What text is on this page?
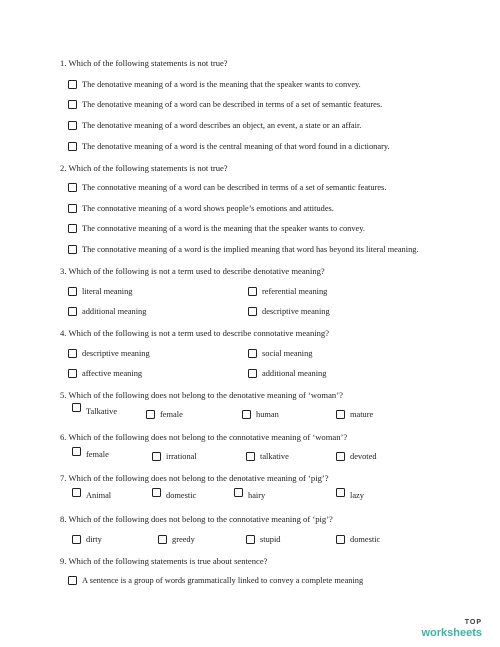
1. Which of the following statements is not true?
The denotative meaning of a word is the meaning that the speaker wants to convey.
The denotative meaning of a word can be described in terms of a set of semantic features.
The denotative meaning of a word describes an object, an event, a state or an affair.
The denotative meaning of a word is the central meaning of that word found in a dictionary.
2. Which of the following statements is not true?
The connotative meaning of a word can be described in terms of a set of semantic features.
The connotative meaning of a word shows people’s emotions and attitudes.
The connotative meaning of a word is the meaning that the speaker wants to convey.
The connotative meaning of a word is the implied meaning that word has beyond its literal meaning.
3. Which of the following is not a term used to describe denotative meaning?
literal meaning	referential meaning
additional meaning	descriptive meaning
4. Which of the following is not a term used to describe connotative meaning?
descriptive meaning	social meaning
affective meaning	additional meaning
5. Which of the following does not belong to the denotative meaning of ‘woman’?
Talkative	female	human	mature
6. Which of the following does not belong to the connotative meaning of ‘woman’?
female	irrational	talkative	devoted
7. Which of the following does not belong to the denotative meaning of ‘pig’?
Animal	domestic	hairy	lazy
8. Which of the following does not belong to the connotative meaning of ‘pig’?
dirty	greedy	stupid	domestic
9. Which of the following statements is true about sentence?
A sentence is a group of words grammatically linked to convey a complete meaning
TOP
worksheets
